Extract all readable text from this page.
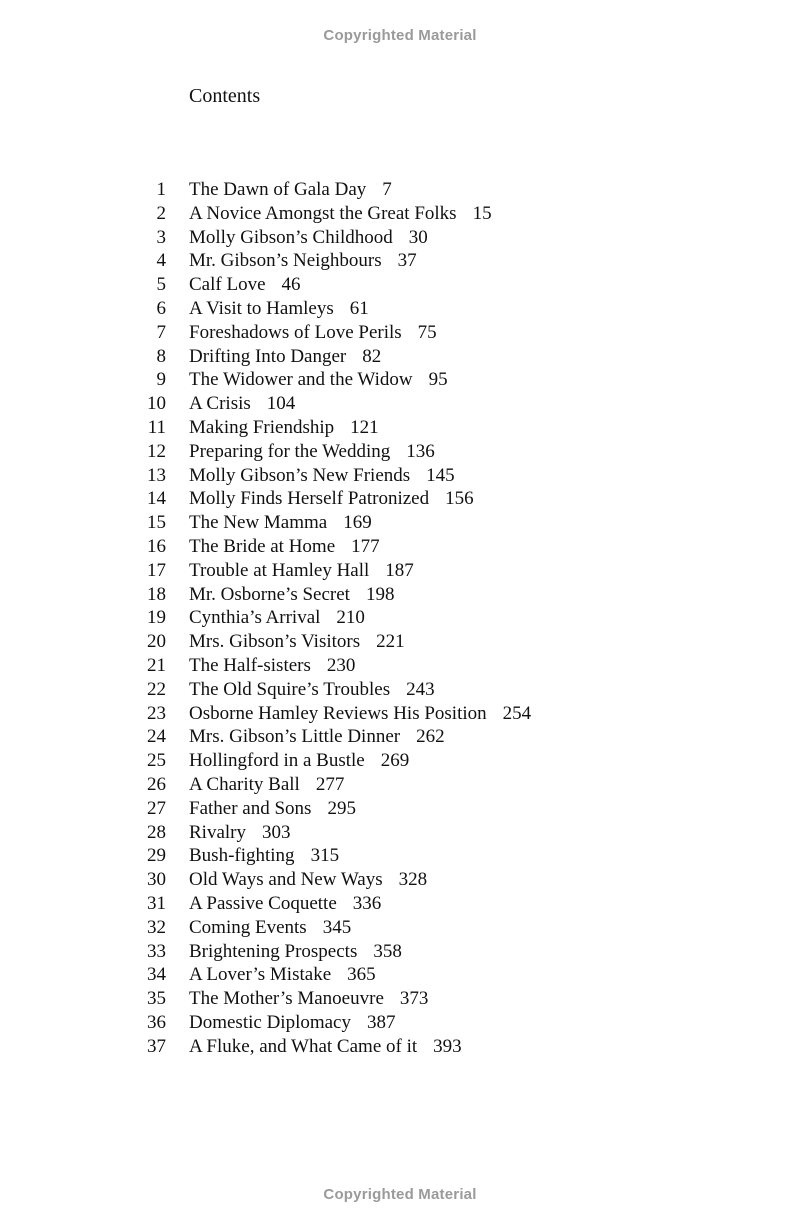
Copyrighted Material
Contents
1 The Dawn of Gala Day 7
2 A Novice Amongst the Great Folks 15
3 Molly Gibson’s Childhood 30
4 Mr. Gibson’s Neighbours 37
5 Calf Love 46
6 A Visit to Hamleys 61
7 Foreshadows of Love Perils 75
8 Drifting Into Danger 82
9 The Widower and the Widow 95
10 A Crisis 104
11 Making Friendship 121
12 Preparing for the Wedding 136
13 Molly Gibson’s New Friends 145
14 Molly Finds Herself Patronized 156
15 The New Mamma 169
16 The Bride at Home 177
17 Trouble at Hamley Hall 187
18 Mr. Osborne’s Secret 198
19 Cynthia’s Arrival 210
20 Mrs. Gibson’s Visitors 221
21 The Half-sisters 230
22 The Old Squire’s Troubles 243
23 Osborne Hamley Reviews His Position 254
24 Mrs. Gibson’s Little Dinner 262
25 Hollingford in a Bustle 269
26 A Charity Ball 277
27 Father and Sons 295
28 Rivalry 303
29 Bush-fighting 315
30 Old Ways and New Ways 328
31 A Passive Coquette 336
32 Coming Events 345
33 Brightening Prospects 358
34 A Lover’s Mistake 365
35 The Mother’s Manoeuvre 373
36 Domestic Diplomacy 387
37 A Fluke, and What Came of it 393
Copyrighted Material
